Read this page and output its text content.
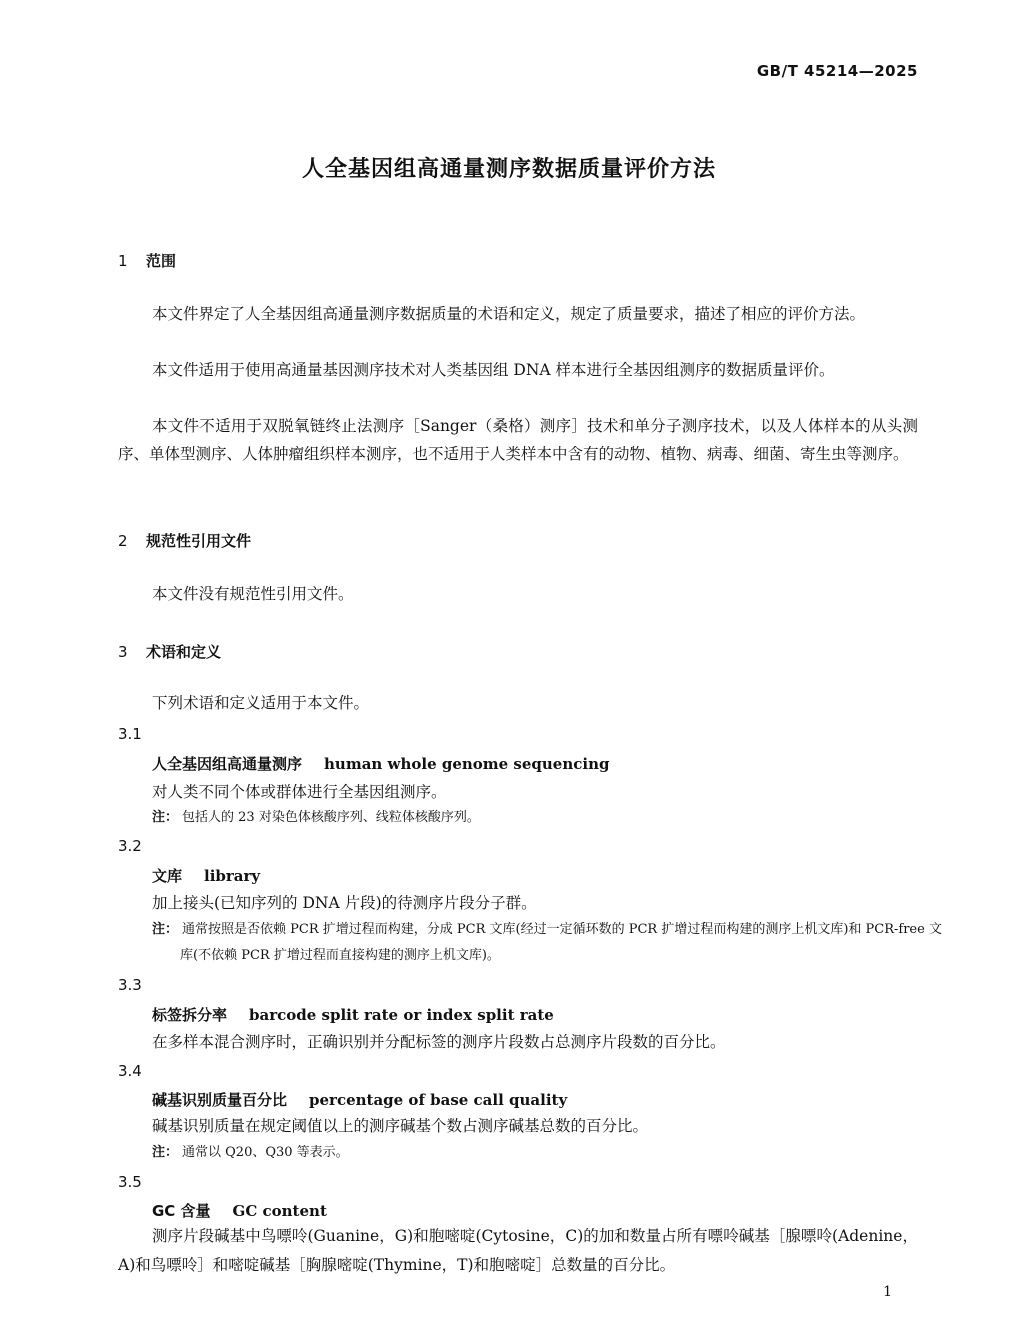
GB/T 45214—2025
人全基因组高通量测序数据质量评价方法
1 范围

本文件界定了人全基因组高通量测序数据质量的术语和定义，规定了质量要求，描述了相应的评价方法。

本文件适用于使用高通量基因测序技术对人类基因组 DNA 样本进行全基因组测序的数据质量评价。

本文件不适用于双脱氧链终止法测序［Sanger（桑格）测序］技术和单分子测序技术，以及人体样本的从头测序、单体型测序、人体肿瘤组织样本测序，也不适用于人类样本中含有的动物、植物、病毒、细菌、寄生虫等测序。

2 规范性引用文件

本文件没有规范性引用文件。

3 术语和定义

下列术语和定义适用于本文件。

3.1
人全基因组高通量测序 human whole genome sequencing
对人类不同个体或群体进行全基因组测序。

注： 包括人的 23 对染色体核酸序列、线粒体核酸序列。

3.2
文库 library
加上接头(已知序列的 DNA 片段)的待测序片段分子群。

注： 通常按照是否依赖 PCR 扩增过程而构建，分成 PCR 文库(经过一定循环数的 PCR 扩增过程而构建的测序上机文库)和 PCR-free 文库(不依赖 PCR 扩增过程而直接构建的测序上机文库)。

3.3
标签拆分率 barcode split rate or index split rate
在多样本混合测序时，正确识别并分配标签的测序片段数占总测序片段数的百分比。
3.4
碱基识别质量百分比 percentage of base call quality
碱基识别质量在规定阈值以上的测序碱基个数占测序碱基总数的百分比。

注： 通常以 Q20、Q30 等表示。

3.5
GC 含量 GC content

测序片段碱基中鸟嘌呤(Guanine，G)和胞嘧啶(Cytosine，C)的加和数量占所有嘌呤碱基［腺嘌呤(Adenine，A)和鸟嘌呤］和嘧啶碱基［胸腺嘧啶(Thymine，T)和胞嘧啶］总数量的百分比。

1
